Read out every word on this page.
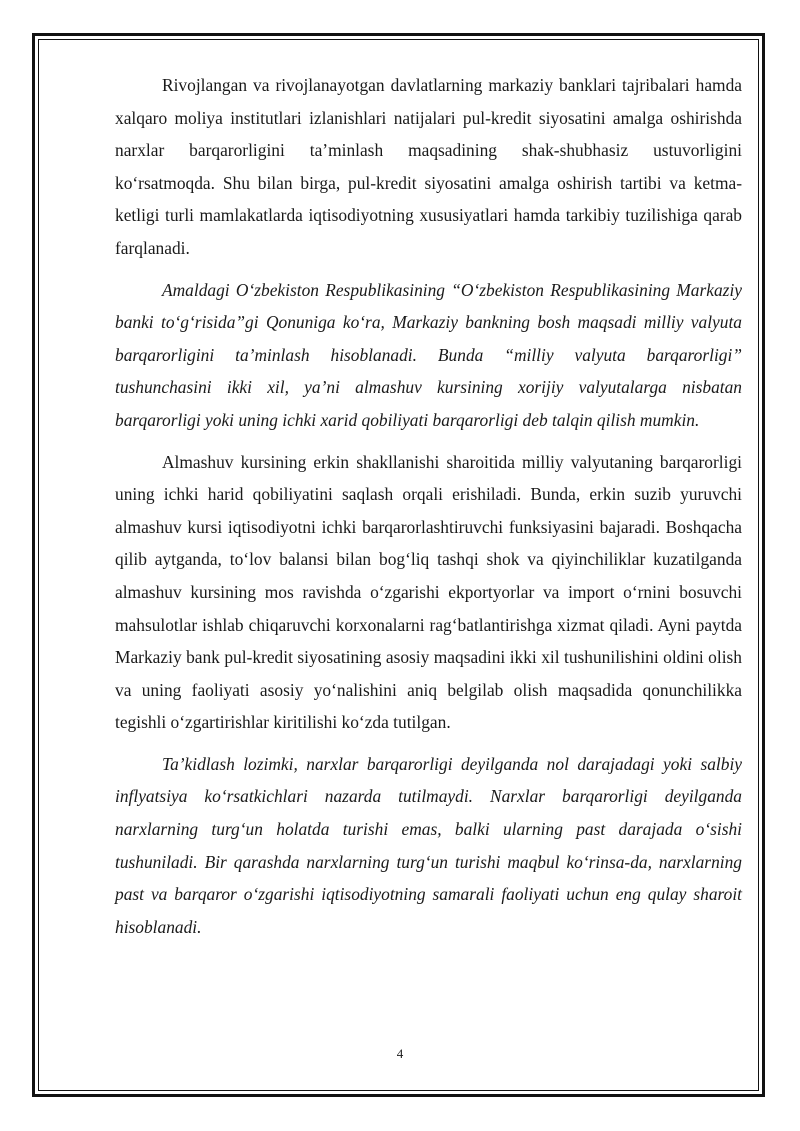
Rivojlangan va rivojlanayotgan davlatlarning markaziy banklari tajribalari hamda xalqaro moliya institutlari izlanishlari natijalari pul-kredit siyosatini amalga oshirishda narxlar barqarorligini ta’minlash maqsadining shak-shubhasiz ustuvorligini ko‘rsatmoqda. Shu bilan birga, pul-kredit siyosatini amalga oshirish tartibi va ketma-ketligi turli mamlakatlarda iqtisodiyotning xususiyatlari hamda tarkibiy tuzilishiga qarab farqlanadi.

Amaldagi O‘zbekiston Respublikasining “O‘zbekiston Respublikasining Markaziy banki to‘g‘risida”gi Qonuniga ko‘ra, Markaziy bankning bosh maqsadi milliy valyuta barqarorligini ta’minlash hisoblanadi. Bunda “milliy valyuta barqarorligi” tushunchasini ikki xil, ya’ni almashuv kursining xorijiy valyutalarga nisbatan barqarorligi yoki uning ichki xarid qobiliyati barqarorligi deb talqin qilish mumkin.

Almashuv kursining erkin shakllanishi sharoitida milliy valyutaning barqarorligi uning ichki harid qobiliyatini saqlash orqali erishiladi. Bunda, erkin suzib yuruvchi almashuv kursi iqtisodiyotni ichki barqarorlashtiruvchi funksiyasini bajaradi. Boshqacha qilib aytganda, to‘lov balansi bilan bog‘liq tashqi shok va qiyinchiliklar kuzatilganda almashuv kursining mos ravishda o‘zgarishi ekportyorlar va import o‘rnini bosuvchi mahsulotlar ishlab chiqaruvchi korxonalarni rag‘batlantirishga xizmat qiladi. Ayni paytda Markaziy bank pul-kredit siyosatining asosiy maqsadini ikki xil tushunilishini oldini olish va uning faoliyati asosiy yo‘nalishini aniq belgilab olish maqsadida qonunchilikka tegishli o‘zgartirishlar kiritilishi ko‘zda tutilgan.

Ta’kidlash lozimki, narxlar barqarorligi deyilganda nol darajadagi yoki salbiy inflyatsiya ko‘rsatkichlari nazarda tutilmaydi. Narxlar barqarorligi deyilganda narxlarning turg‘un holatda turishi emas, balki ularning past darajada o‘sishi tushuniladi. Bir qarashda narxlarning turg‘un turishi maqbul ko‘rinsa-da, narxlarning past va barqaror o‘zgarishi iqtisodiyotning samarali faoliyati uchun eng qulay sharoit hisoblanadi.

4
